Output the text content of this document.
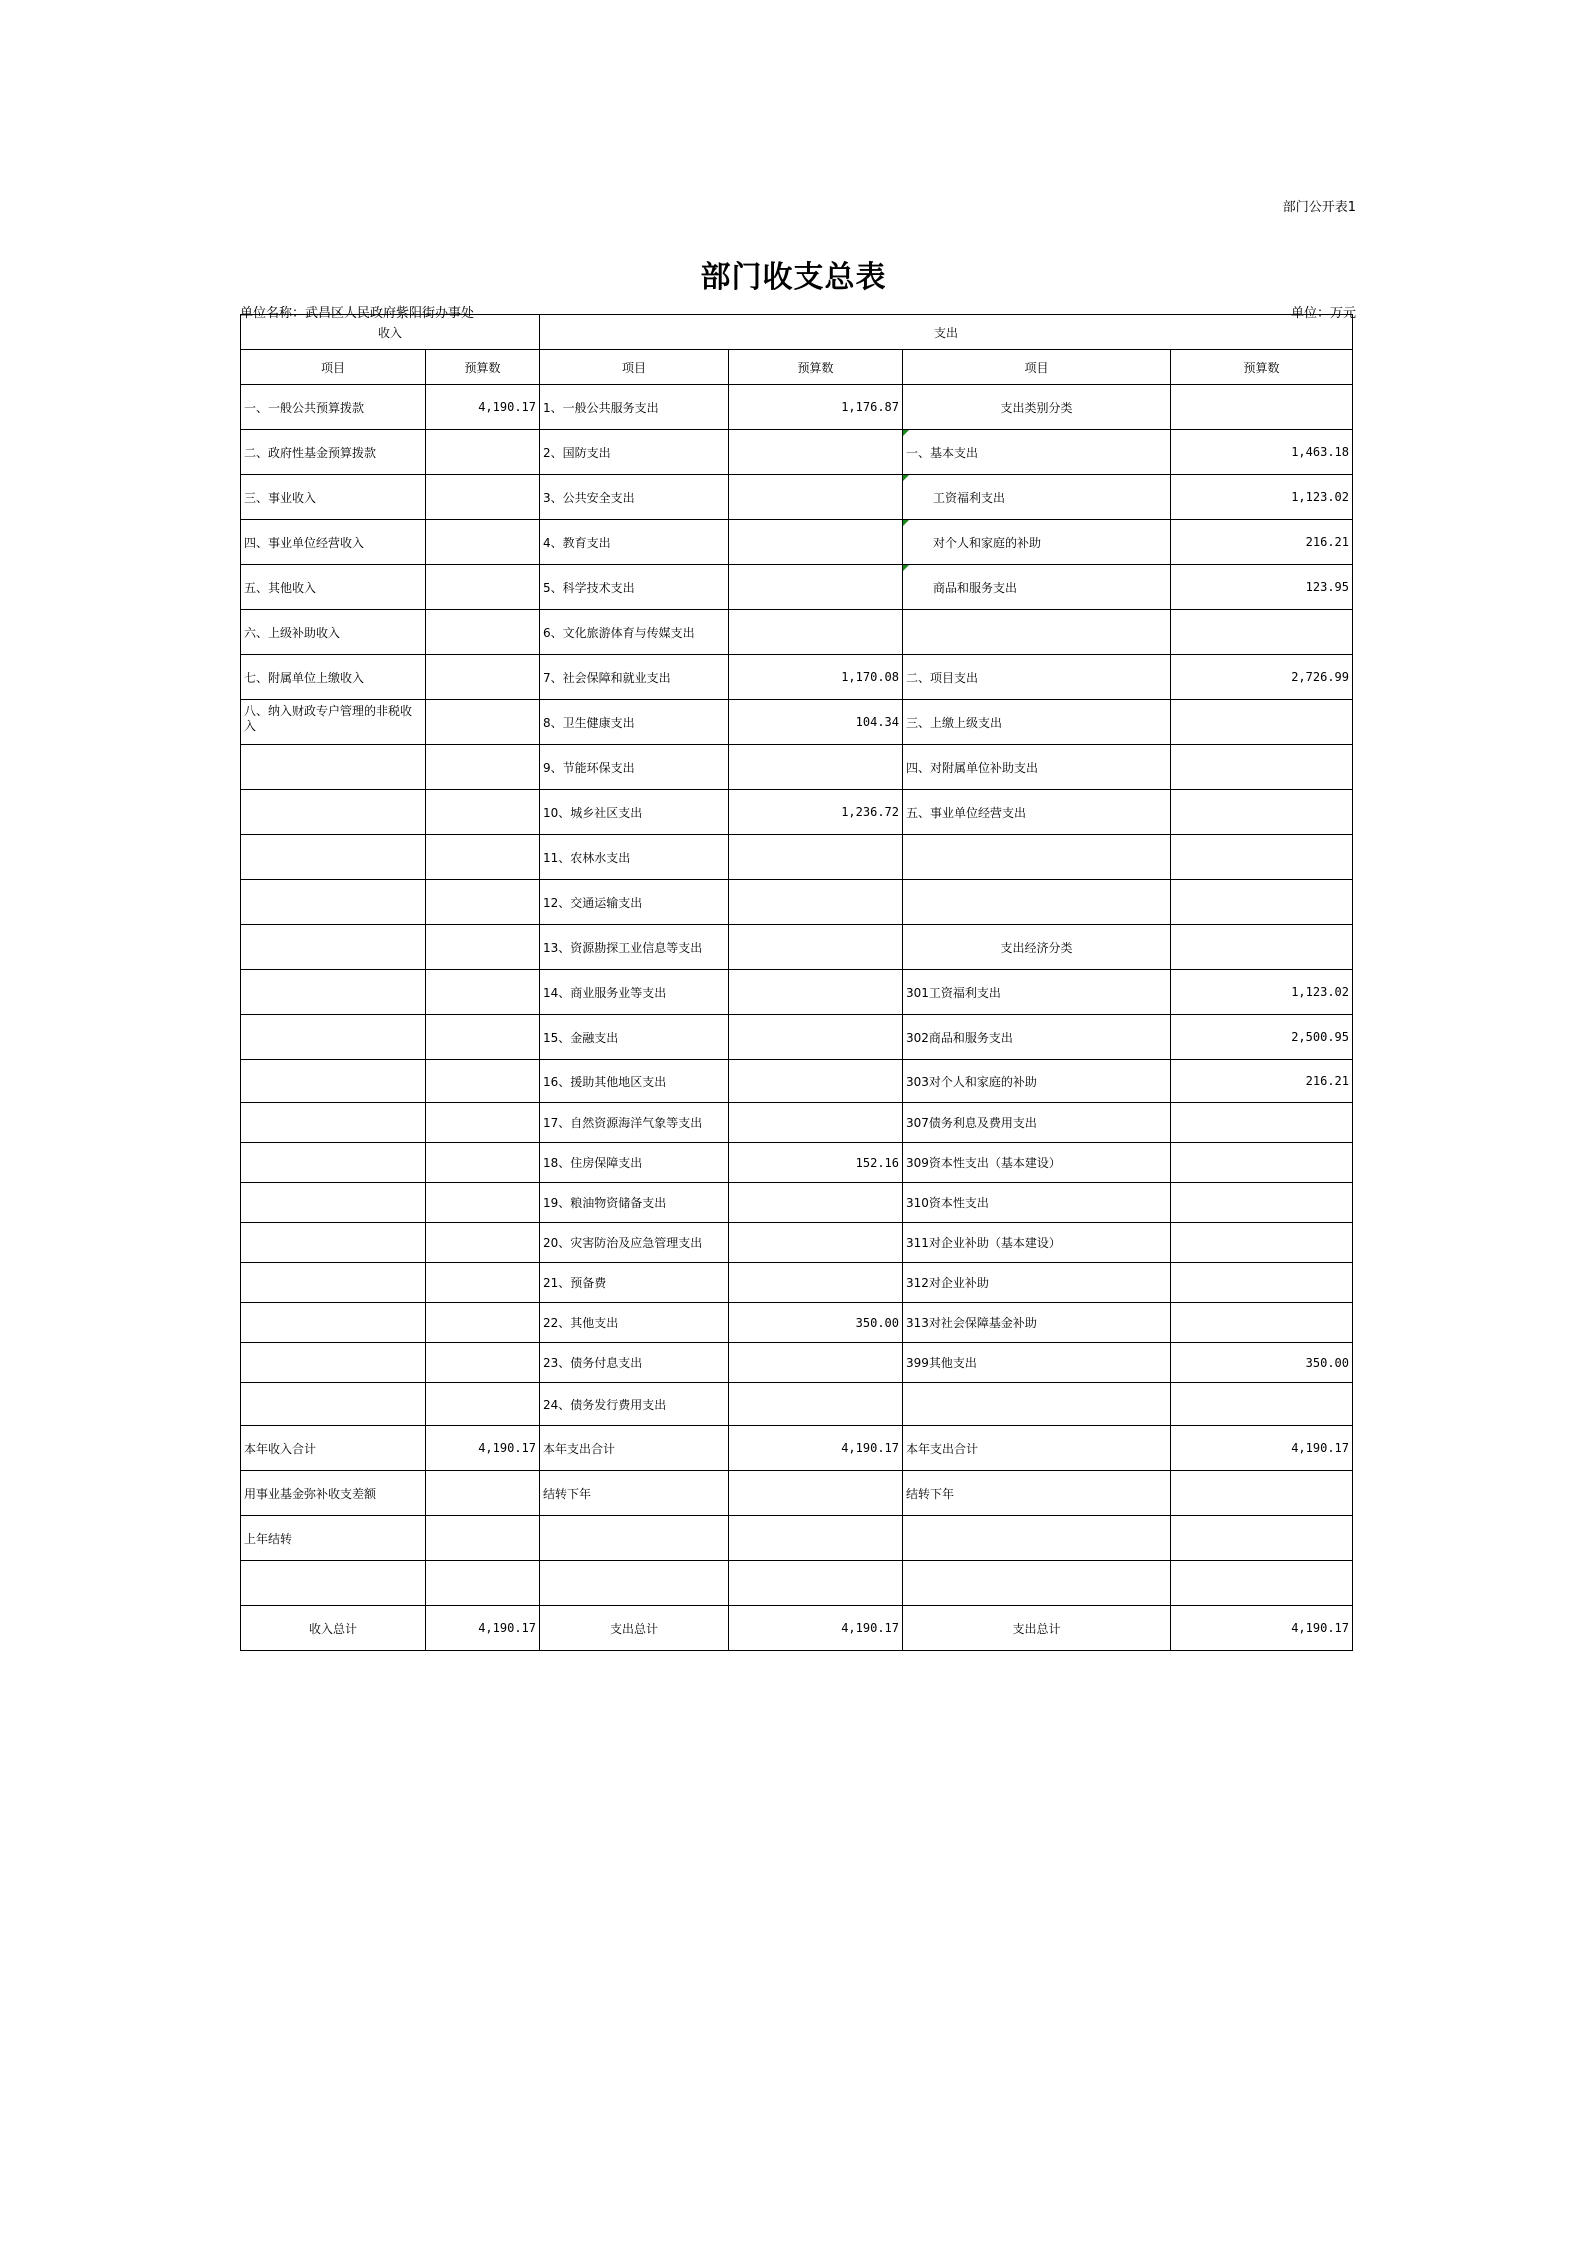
部门公开表1
部门收支总表
单位名称：武昌区人民政府紫阳街办事处	单位：万元
收入		支出			
项目	预算数	项目	预算数	项目	预算数
一、一般公共预算拨款	4,190.17	1、一般公共服务支出	1,176.87	支出类别分类	
二、政府性基金预算拨款		2、国防支出		一、基本支出	1,463.18
三、事业收入		3、公共安全支出		工资福利支出	1,123.02
四、事业单位经营收入		4、教育支出		对个人和家庭的补助	216.21
五、其他收入		5、科学技术支出		商品和服务支出	123.95
六、上级补助收入		6、文化旅游体育与传媒支出			
七、附属单位上缴收入		7、社会保障和就业支出	1,170.08	二、项目支出	2,726.99
八、纳入财政专户管理的非税收入		8、卫生健康支出	104.34	三、上缴上级支出	
		9、节能环保支出		四、对附属单位补助支出	
		10、城乡社区支出	1,236.72	五、事业单位经营支出	
		11、农林水支出			
		12、交通运输支出			
		13、资源勘探工业信息等支出		支出经济分类	
		14、商业服务业等支出		301工资福利支出	1,123.02
		15、金融支出		302商品和服务支出	2,500.95
		16、援助其他地区支出		303对个人和家庭的补助	216.21
		17、自然资源海洋气象等支出		307债务利息及费用支出	
		18、住房保障支出	152.16	309资本性支出（基本建设）	
		19、粮油物资储备支出		310资本性支出	
		20、灾害防治及应急管理支出		311对企业补助（基本建设）	
		21、预备费		312对企业补助	
		22、其他支出	350.00	313对社会保障基金补助	
		23、债务付息支出		399其他支出	350.00
		24、债务发行费用支出			
本年收入合计	4,190.17	本年支出合计	4,190.17	本年支出合计	4,190.17
用事业基金弥补收支差额		结转下年		结转下年	
上年结转					

收入总计	4,190.17	支出总计	4,190.17	支出总计	4,190.17
